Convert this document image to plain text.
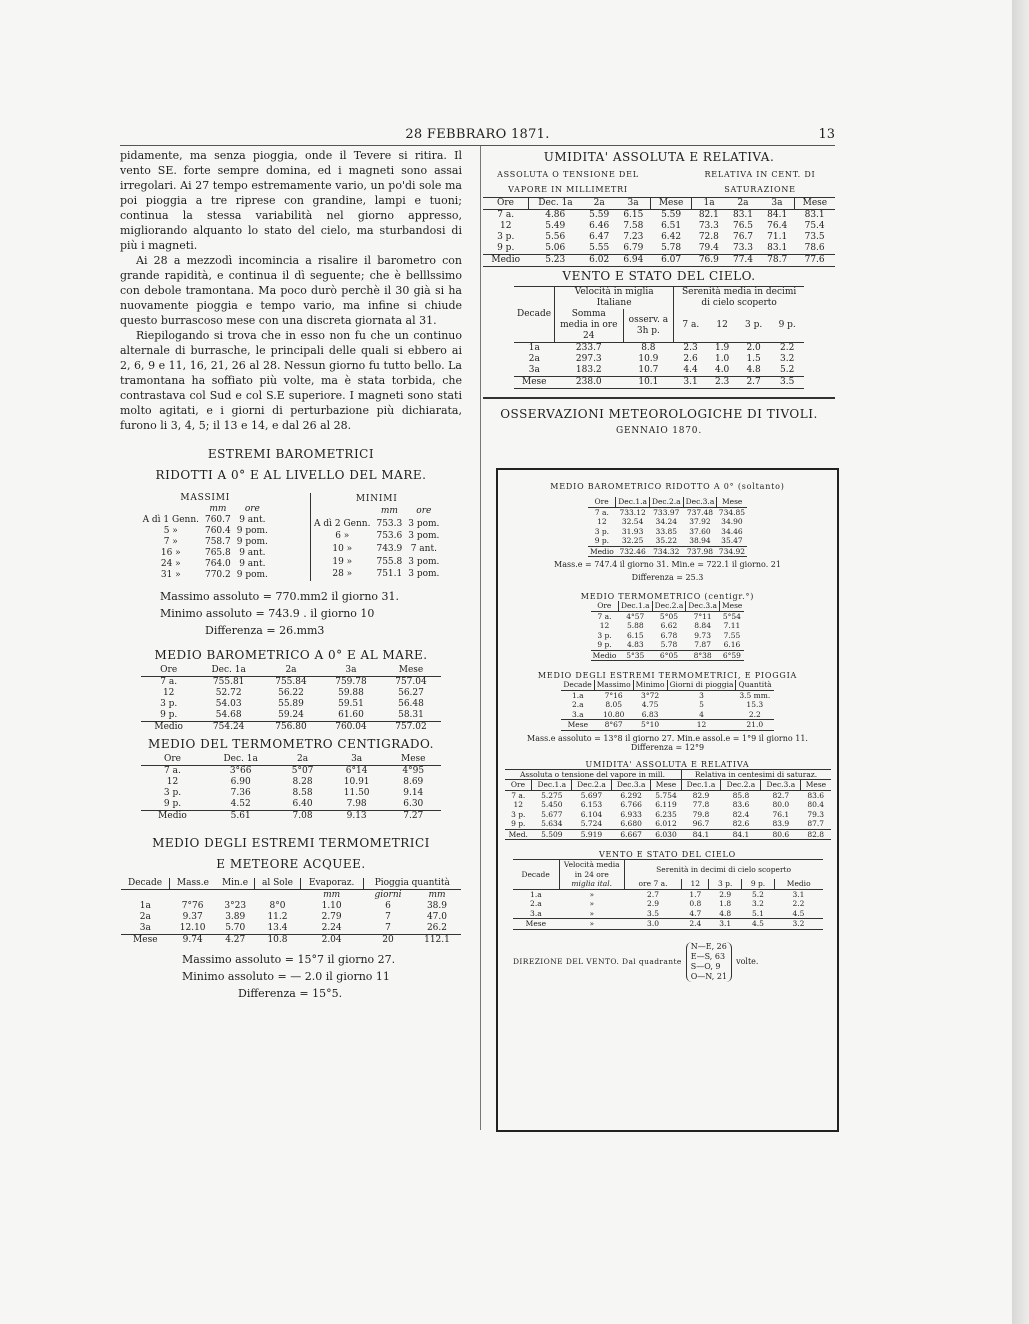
28 FEBBRARO 1871.	13

pidamente, ma senza pioggia, onde il Tevere si ritira. Il vento SE. forte sempre domina, ed i magneti sono assai irregolari. Ai 27 tempo estremamente vario, un po'di sole ma poi pioggia a tre riprese con grandine, lampi e tuoni; continua la stessa variabilità nel giorno appresso, migliorando alquanto lo stato del cielo, ma sturbandosi di più i magneti.

Ai 28 a mezzodì incomincia a risalire il barometro con grande rapidità, e continua il dì seguente; che è belllssimo con debole tramontana. Ma poco durò perchè il 30 già si ha nuovamente pioggia e tempo vario, ma infine si chiude questo burrascoso mese con una discreta giornata al 31.

Riepilogando si trova che in esso non fu che un continuo alternale di burrasche, le principali delle quali si ebbero ai 2, 6, 9 e 11, 16, 21, 26 al 28. Nessun giorno fu tutto bello. La tramontana ha soffiato più volte, ma è stata torbida, che contrastava col Sud e col S.E superiore. I magneti sono stati molto agitati, e i giorni di perturbazione più dichiarata, furono li 3, 4, 5; il 13 e 14, e dal 26 al 28.

ESTREMI BAROMETRICI
RIDOTTI A 0° E AL LIVELLO DEL MARE.
MASSIMI		
	mm	ore
A dì 1 Genn.	760.7	9 ant.
5 »	760.4	9 pom.
7 »	758.7	9 pom.
16 »	765.8	9 ant.
24 »	764.0	9 ant.
31 »	770.2	9 pom.
MINIMI		
	mm	ore
A dì 2 Genn.	753.3	3 pom.
6 »	753.6	3 pom.
10 »	743.9	7 ant.
19 »	755.8	3 pom.
28 »	751.1	3 pom.
Massimo assoluto = 770.mm2 il giorno 31.
Minimo assoluto = 743.9 . il giorno 10
Differenza = 26.mm3
MEDIO BAROMETRICO A 0° E AL MARE.
Ore	Dec. 1a	2a	3a	Mese
7 a.	755.81	755.84	759.78	757.04
12	52.72	56.22	59.88	56.27
3 p.	54.03	55.89	59.51	56.48
9 p.	54.68	59.24	61.60	58.31
Medio	754.24	756.80	760.04	757.02
MEDIO DEL TERMOMETRO CENTIGRADO.
Ore	Dec. 1a	2a	3a	Mese
7 a.	3°66	5°07	6°14	4°95
12	6.90	8.28	10.91	8.69
3 p.	7.36	8.58	11.50	9.14
9 p.	4.52	6.40	7.98	6.30
Medio	5.61	7.08	9.13	7.27
MEDIO DEGLI ESTREMI TERMOMETRICI
E METEORE ACQUEE.
Decade	Mass.e	Min.e	al Sole	Evaporaz.	Pioggia quantità	
				mm	giorni	mm
1a	7°76	3°23	8°0	1.10	6	38.9
2a	9.37	3.89	11.2	2.79	7	47.0
3a	12.10	5.70	13.4	2.24	7	26.2
Mese	9.74	4.27	10.8	2.04	20	112.1
Massimo assoluto = 15°7 il giorno 27.
Minimo assoluto = — 2.0 il giorno 11
Differenza = 15°5.
UMIDITA' ASSOLUTA E RELATIVA.
ASSOLUTA O TENSIONE DEL VAPORE IN MILLIMETRI
RELATIVA IN CENT. DI SATURAZIONE
Ore	Dec. 1a	2a	3a	Mese	1a	2a	3a	Mese
7 a.	4.86	5.59	6.15	5.59	82.1	83.1	84.1	83.1
12	5.49	6.46	7.58	6.51	73.3	76.5	76.4	75.4
3 p.	5.56	6.47	7.23	6.42	72.8	76.7	71.1	73.5
9 p.	5.06	5.55	6.79	5.78	79.4	73.3	83.1	78.6
Medio	5.23	6.02	6.94	6.07	76.9	77.4	78.7	77.6
VENTO E STATO DEL CIELO.
Decade	Velocità in miglia Italiane		Serenità media in decimi di cielo scoperto			
	Somma media in ore 24	osserv. a 3h p.	7 a.	12	3 p.	9 p.
1a	233.7	8.8	2.3	1.9	2.0	2.2
2a	297.3	10.9	2.6	1.0	1.5	3.2
3a	183.2	10.7	4.4	4.0	4.8	5.2
Mese	238.0	10.1	3.1	2.3	2.7	3.5
OSSERVAZIONI METEOROLOGICHE DI TIVOLI.
GENNAIO 1870.
MEDIO BAROMETRICO RIDOTTO A 0° (soltanto)
Ore	Dec.1.a	Dec.2.a	Dec.3.a	Mese
7 a.	733.12	733.97	737.48	734.85
12	32.54	34.24	37.92	34.90
3 p.	31.93	33.85	37.60	34.46
9 p.	32.25	35.22	38.94	35.47
Medio	732.46	734.32	737.98	734.92
Mass.e = 747.4 il giorno 31. Min.e = 722.1 il giorno. 21
Differenza = 25.3
MEDIO TERMOMETRICO (centigr.°)
Ore	Dec.1.a	Dec.2.a	Dec.3.a	Mese
7 a.	4°57	5°05	7°11	5°54
12	5.88	6.62	8.84	7.11
3 p.	6.15	6.78	9.73	7.55
9 p.	4.83	5.78	7.87	6.16
Medio	5°35	6°05	8°38	6°59
MEDIO DEGLI ESTREMI TERMOMETRICI, E PIOGGIA
Decade	Massimo	Minimo	Giorni di pioggia	Quantità
1.a	7°16	3°72	3	3.5 mm.
2.a	8.05	4.75	5	15.3
3.a	10.80	6.83	4	2.2
Mese	8°67	5°10	12	21.0
Mass.e assoluto = 13°8 il giorno 27. Min.e assol.e = 1°9 il giorno 11.
Differenza = 12°9
UMIDITA' ASSOLUTA E RELATIVA
Assoluta o tensione del vapore in mill.					Relativa in centesimi di saturaz.			
Ore	Dec.1.a	Dec.2.a	Dec.3.a	Mese	Dec.1.a	Dec.2.a	Dec.3.a	Mese
7 a.	5.275	5.697	6.292	5.754	82.9	85.8	82.7	83.6
12	5.450	6.153	6.766	6.119	77.8	83.6	80.0	80.4
3 p.	5.677	6.104	6.933	6.235	79.8	82.4	76.1	79.3
9 p.	5.634	5.724	6.680	6.012	96.7	82.6	83.9	87.7
Med.	5.509	5.919	6.667	6.030	84.1	84.1	80.6	82.8
VENTO E STATO DEL CIELO
Decade	Velocità media in 24 ore	Serenità in decimi di cielo scoperto				
	miglia ital.	ore 7 a.	12	3 p.	9 p.	Medio
1.a	»	2.7	1.7	2.9	5.2	3.1
2.a	»	2.9	0.8	1.8	3.2	2.2
3.a	»	3.5	4.7	4.8	5.1	4.5
Mese	»	3.0	2.4	3.1	4.5	3.2
DIREZIONE DEL VENTO. Dal quadrante
N—E, 26
E—S, 63
S—O, 9
O—N, 21
volte.
